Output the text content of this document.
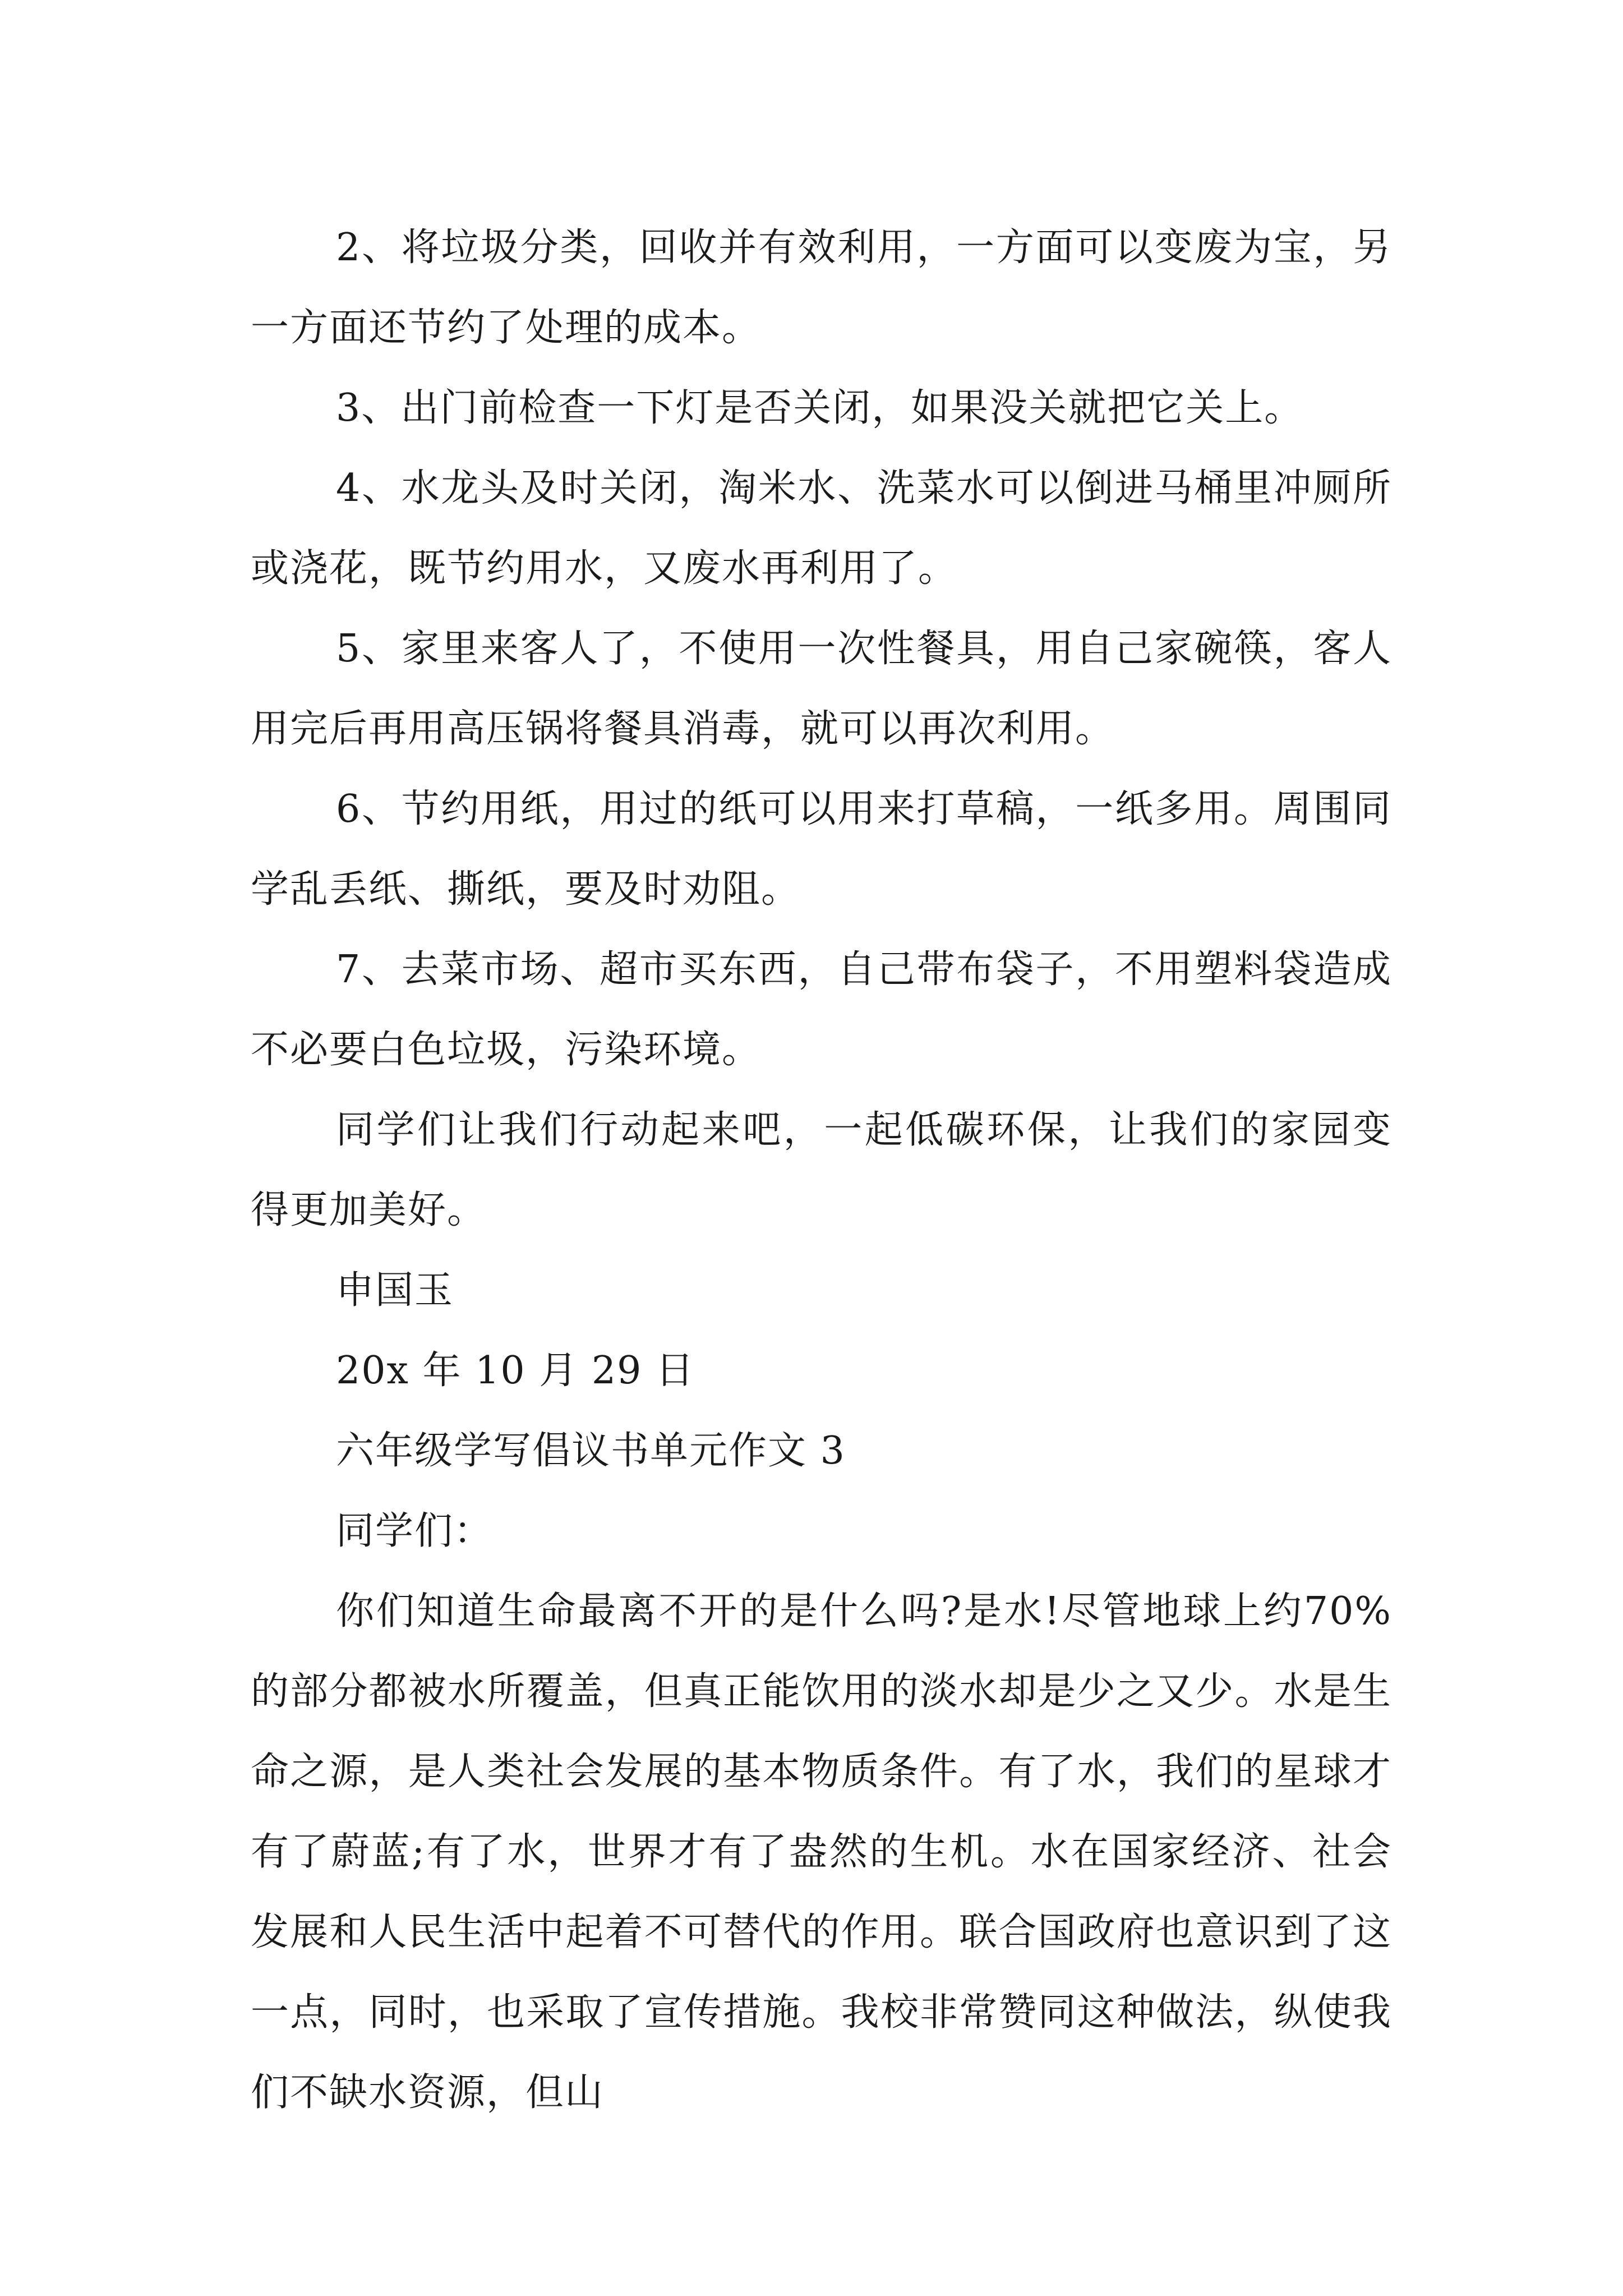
2、将垃圾分类，回收并有效利用，一方面可以变废为宝，另一方面还节约了处理的成本。

3、出门前检查一下灯是否关闭，如果没关就把它关上。

4、水龙头及时关闭，淘米水、洗菜水可以倒进马桶里冲厕所或浇花，既节约用水，又废水再利用了。

5、家里来客人了，不使用一次性餐具，用自己家碗筷，客人用完后再用高压锅将餐具消毒，就可以再次利用。

6、节约用纸，用过的纸可以用来打草稿，一纸多用。周围同学乱丢纸、撕纸，要及时劝阻。

7、去菜市场、超市买东西，自己带布袋子，不用塑料袋造成不必要白色垃圾，污染环境。

同学们让我们行动起来吧，一起低碳环保，让我们的家园变得更加美好。

申国玉

20x 年 10 月 29 日

六年级学写倡议书单元作文 3

同学们：

你们知道生命最离不开的是什么吗?是水!尽管地球上约70%的部分都被水所覆盖，但真正能饮用的淡水却是少之又少。水是生命之源，是人类社会发展的基本物质条件。有了水，我们的星球才有了蔚蓝;有了水，世界才有了盎然的生机。水在国家经济、社会发展和人民生活中起着不可替代的作用。联合国政府也意识到了这一点，同时，也采取了宣传措施。我校非常赞同这种做法，纵使我们不缺水资源，但山
